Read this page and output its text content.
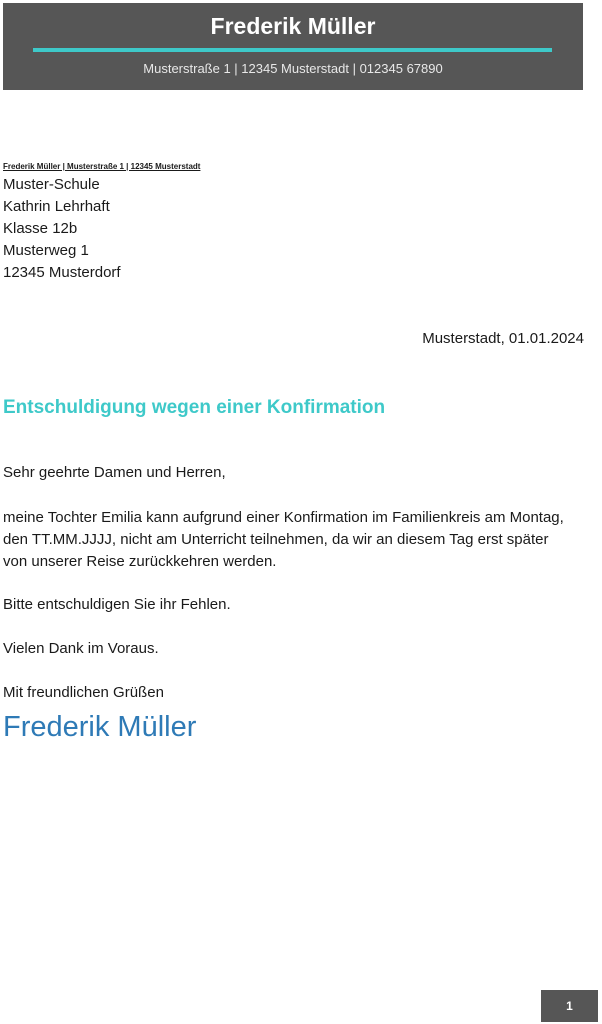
Frederik Müller
Musterstraße 1 | 12345 Musterstadt | 012345 67890
Frederik Müller | Musterstraße 1 | 12345 Musterstadt
Muster-Schule
Kathrin Lehrhaft
Klasse 12b
Musterweg 1
12345 Musterdorf
Musterstadt, 01.01.2024
Entschuldigung wegen einer Konfirmation
Sehr geehrte Damen und Herren,
meine Tochter Emilia kann aufgrund einer Konfirmation im Familienkreis am Montag, den TT.MM.JJJJ, nicht am Unterricht teilnehmen, da wir an diesem Tag erst später von unserer Reise zurückkehren werden.
Bitte entschuldigen Sie ihr Fehlen.
Vielen Dank im Voraus.
Mit freundlichen Grüßen
Frederik Müller
1
